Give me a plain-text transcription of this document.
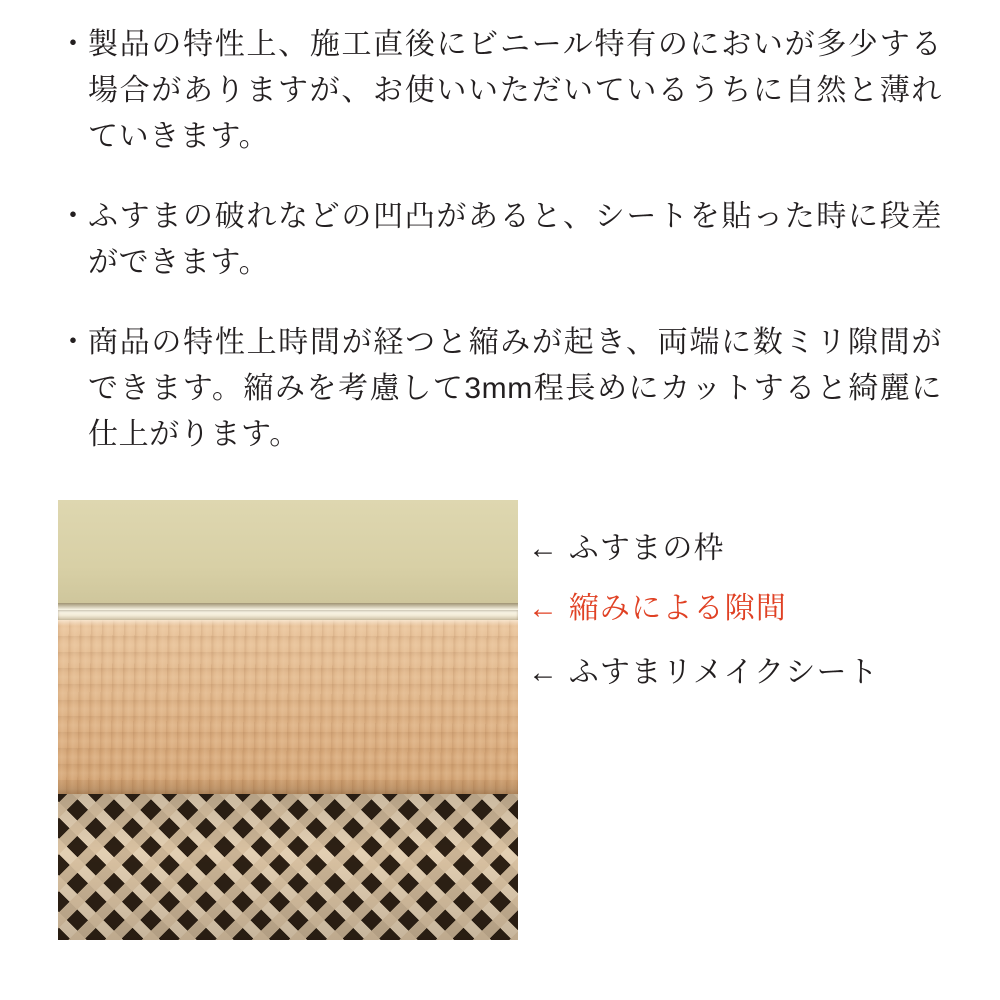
・ 製品の特性上、施工直後にビニール特有のにおいが多少する場合がありますが、お使いいただいているうちに自然と薄れていきます。
・ ふすまの破れなどの凹凸があると、シートを貼った時に段差ができます。
・ 商品の特性上時間が経つと縮みが起き、両端に数ミリ隙間ができます。縮みを考慮して3mm程長めにカットすると綺麗に仕上がります。
← ふすまの枠
← 縮みによる隙間
← ふすまリメイクシート
